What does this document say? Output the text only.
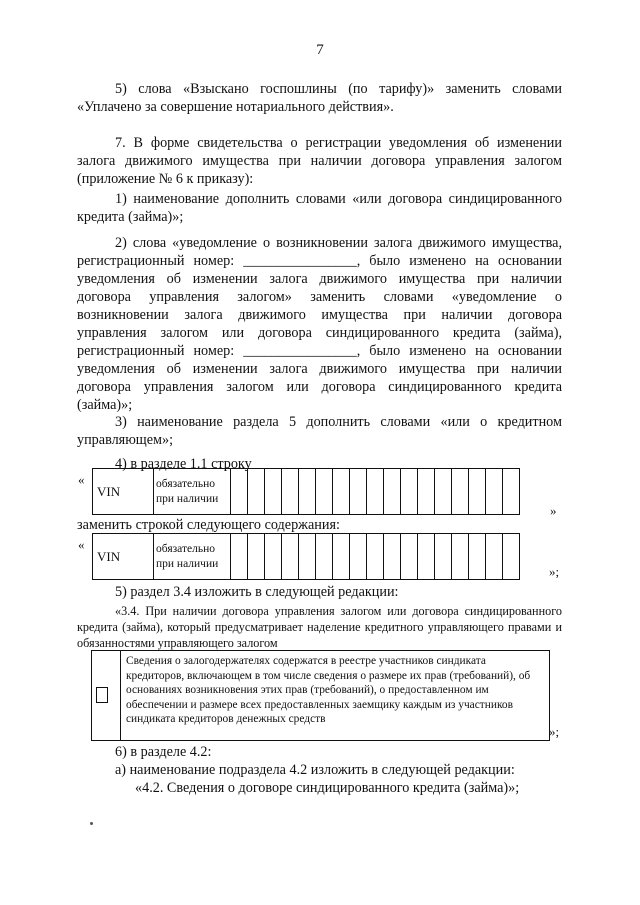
7
5) слова «Взыскано госпошлины (по тарифу)» заменить словами «Уплачено за совершение нотариального действия».
7. В форме свидетельства о регистрации уведомления об изменении залога движимого имущества при наличии договора управления залогом (приложение № 6 к приказу):
1) наименование дополнить словами «или договора синдицированного кредита (займа)»;
2) слова «уведомление о возникновении залога движимого имущества, регистрационный номер: ________________, было изменено на основании уведомления об изменении залога движимого имущества при наличии договора управления залогом» заменить словами «уведомление о возникновении залога движимого имущества при наличии договора управления залогом или договора синдицированного кредита (займа), регистрационный номер: ________________, было изменено на основании уведомления об изменении залога движимого имущества при наличии договора управления залогом или договора синдицированного кредита (займа)»;
3) наименование раздела 5 дополнить словами «или о кредитном управляющем»;
4) в разделе 1.1 строку
«
VIN	обязательно при наличии																	
»
заменить строкой следующего содержания:
«
VIN	обязательно при наличии																	
»;
5) раздел 3.4 изложить в следующей редакции:
«3.4. При наличии договора управления залогом или договора синдицированного кредита (займа), который предусматривает наделение кредитного управляющего правами и обязанностями управляющего залогом
Сведения о залогодержателях содержатся в реестре участников синдиката кредиторов, включающем в том числе сведения о размере их прав (требований), об основаниях возникновения этих прав (требований), о предоставленном им обеспечении и размере всех предоставленных заемщику каждым из участников синдиката кредиторов денежных средств
»;
6) в разделе 4.2:
а) наименование подраздела 4.2 изложить в следующей редакции:
«4.2. Сведения о договоре синдицированного кредита (займа)»;
